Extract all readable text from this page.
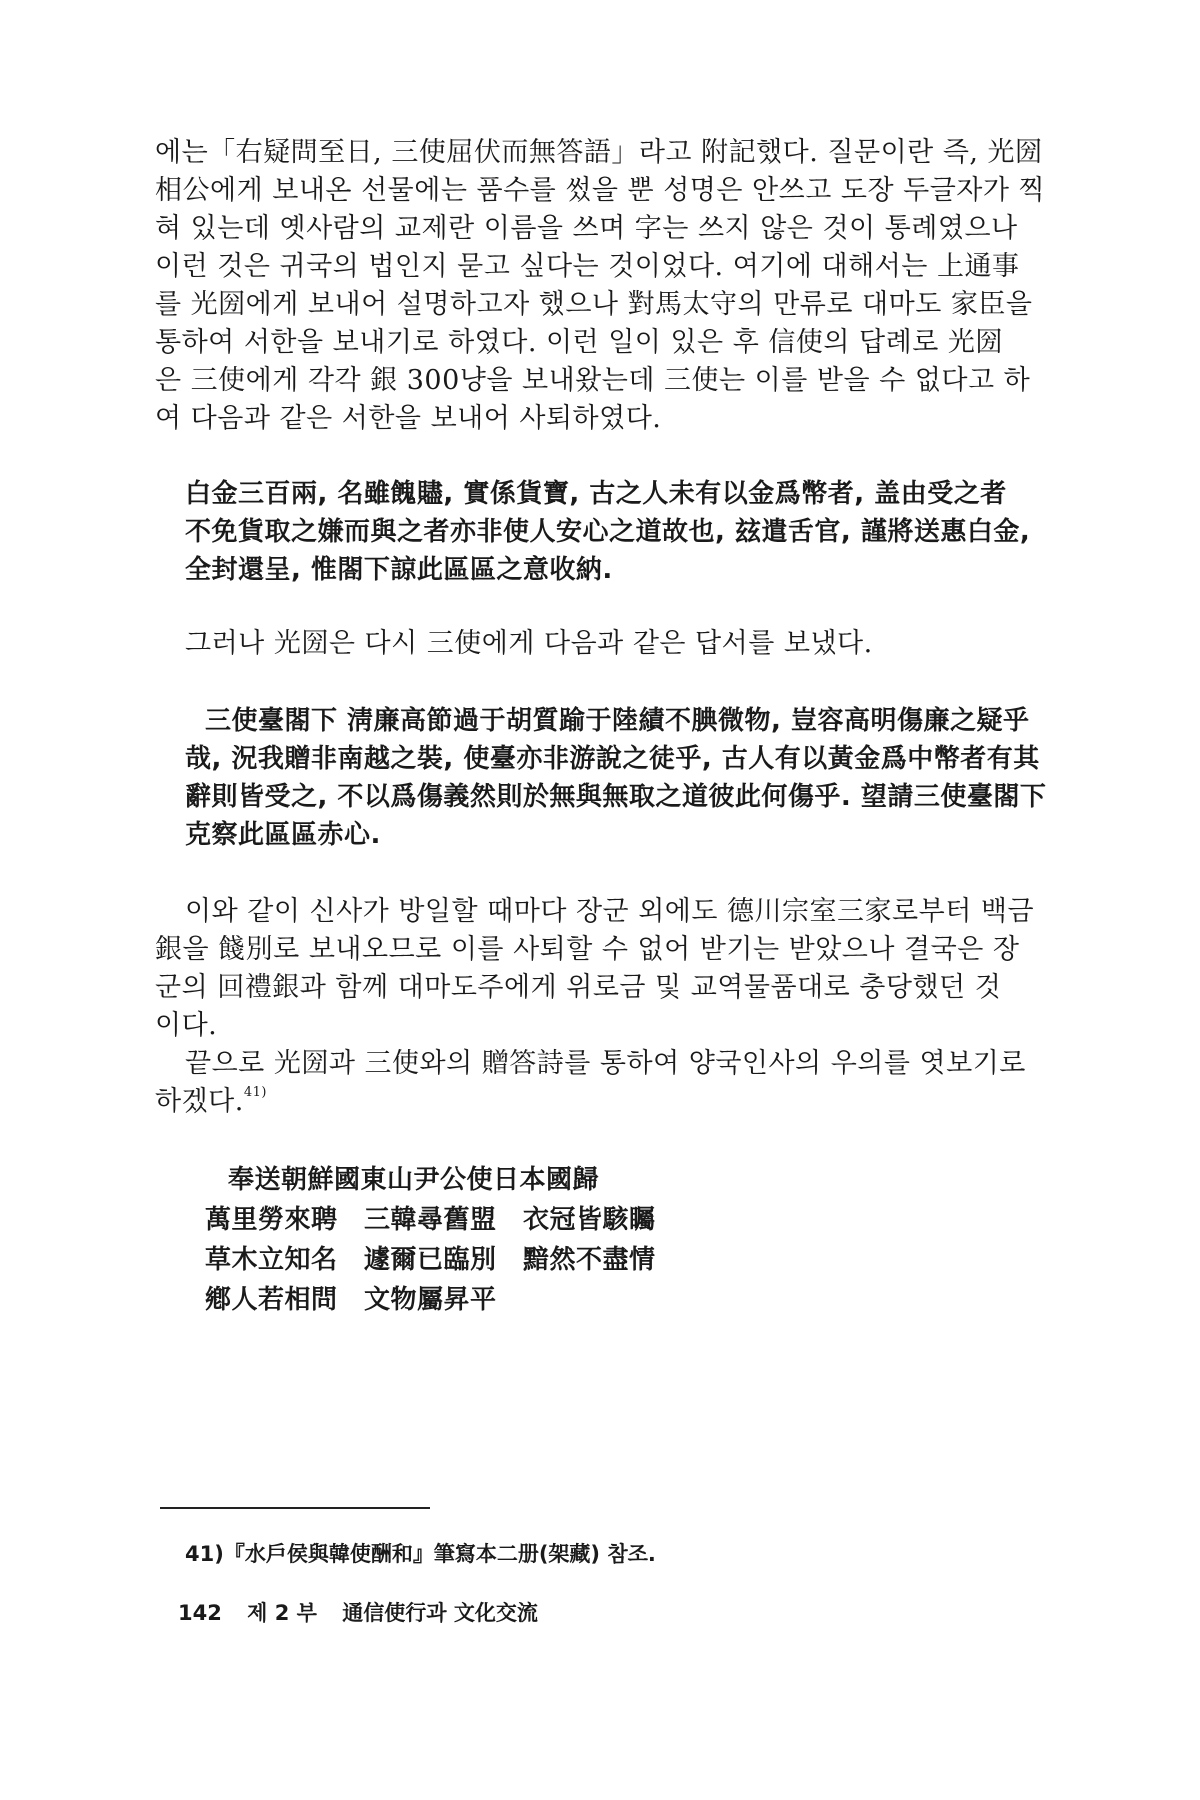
에는「右疑問至日, 三使屈伏而無答語」라고 附記했다. 질문이란 즉, 光圀
相公에게 보내온 선물에는 품수를 썼을 뿐 성명은 안쓰고 도장 두글자가 찍
혀 있는데 옛사람의 교제란 이름을 쓰며 字는 쓰지 않은 것이 통례였으나
이런 것은 귀국의 법인지 묻고 싶다는 것이었다. 여기에 대해서는 上通事
를 光圀에게 보내어 설명하고자 했으나 對馬太守의 만류로 대마도 家臣을
통하여 서한을 보내기로 하였다. 이런 일이 있은 후 信使의 답례로 光圀
은 三使에게 각각 銀 300냥을 보내왔는데 三使는 이를 받을 수 없다고 하
여 다음과 같은 서한을 보내어 사퇴하였다.
白金三百兩, 名雖餽贐, 實係貨寶, 古之人未有以金爲幣者, 盖由受之者
不免貨取之嫌而與之者亦非使人安心之道故也, 玆遣舌官, 謹將送惠白金,
全封還呈, 惟閤下諒此區區之意收納.
그러나 光圀은 다시 三使에게 다음과 같은 답서를 보냈다.
三使臺閤下 淸廉高節過于胡質踰于陸績不腆微物, 豈容高明傷廉之疑乎
哉, 況我贈非南越之裝, 使臺亦非游說之徒乎, 古人有以黃金爲中幣者有其
辭則皆受之, 不以爲傷義然則於無與無取之道彼此何傷乎. 望請三使臺閤下
克察此區區赤心.
이와 같이 신사가 방일할 때마다 장군 외에도 德川宗室三家로부터 백금
銀을 餞別로 보내오므로 이를 사퇴할 수 없어 받기는 받았으나 결국은 장
군의 回禮銀과 함께 대마도주에게 위로금 및 교역물품대로 충당했던 것
이다.
끝으로 光圀과 三使와의 贈答詩를 통하여 양국인사의 우의를 엿보기로
하겠다.$^{41)}$
奉送朝鮮國東山尹公使日本國歸
萬里勞來聘　三韓尋舊盟　衣冠皆駭矚
草木立知名　遽爾已臨別　黯然不盡情
鄕人若相問　文物屬昇平
41)『水戶侯與韓使酬和』筆寫本二册(架藏) 참조.
142 제 2 부 通信使行과 文化交流
